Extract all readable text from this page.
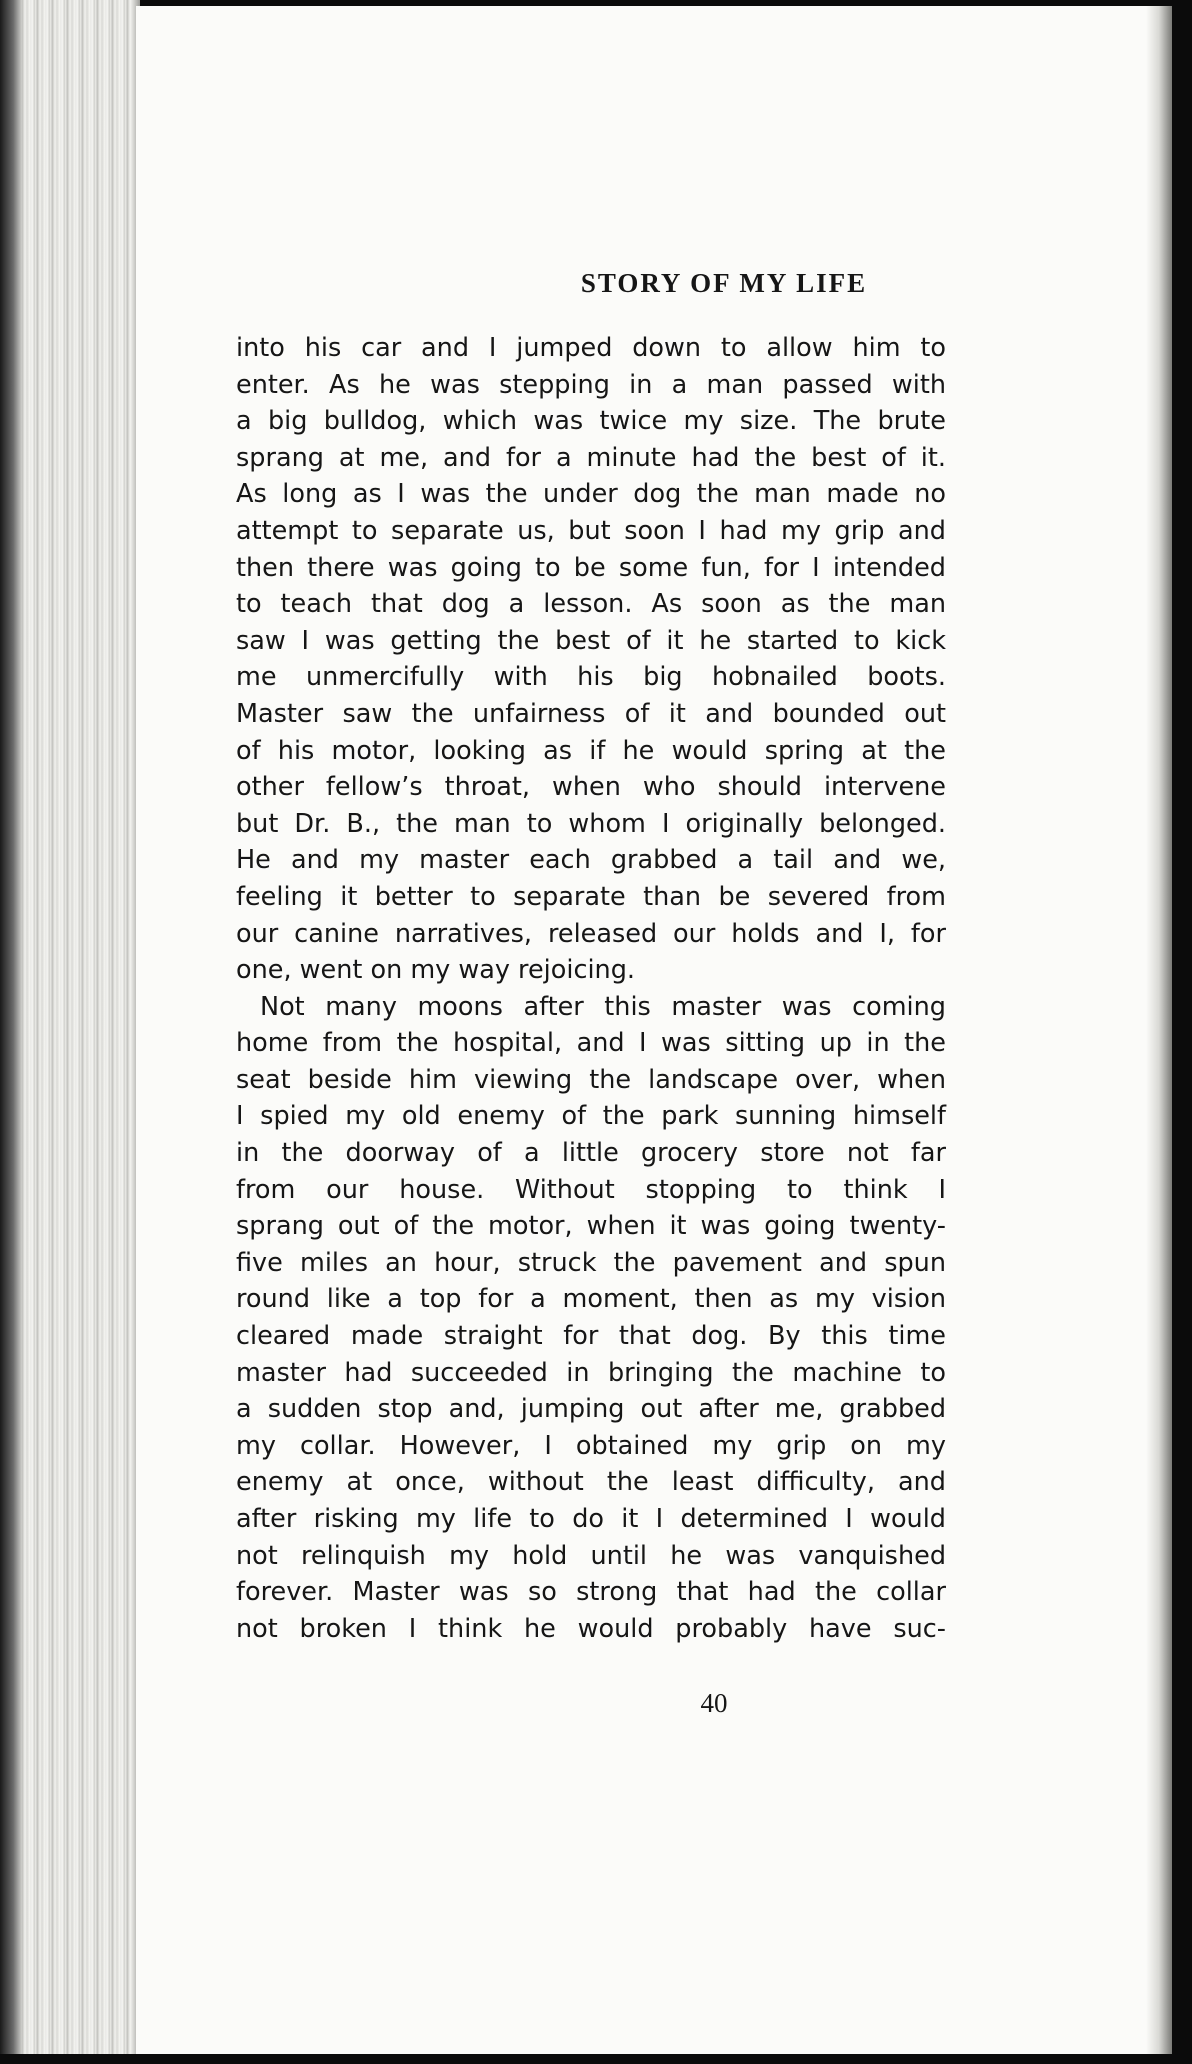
STORY OF MY LIFE
40
into his car and I jumped down to allow him to
enter. As he was stepping in a man passed with
a big bulldog, which was twice my size. The brute
sprang at me, and for a minute had the best of it.
As long as I was the under dog the man made no
attempt to separate us, but soon I had my grip and
then there was going to be some fun, for I intended
to teach that dog a lesson. As soon as the man
saw I was getting the best of it he started to kick
me unmercifully with his big hobnailed boots.
Master saw the unfairness of it and bounded out
of his motor, looking as if he would spring at the
other fellow’s throat, when who should intervene
but Dr. B., the man to whom I originally belonged.
He and my master each grabbed a tail and we,
feeling it better to separate than be severed from
our canine narratives, released our holds and I, for
one, went on my way rejoicing.
Not many moons after this master was coming
home from the hospital, and I was sitting up in the
seat beside him viewing the landscape over, when
I spied my old enemy of the park sunning himself
in the doorway of a little grocery store not far
from our house. Without stopping to think I
sprang out of the motor, when it was going twenty-
five miles an hour, struck the pavement and spun
round like a top for a moment, then as my vision
cleared made straight for that dog. By this time
master had succeeded in bringing the machine to
a sudden stop and, jumping out after me, grabbed
my collar. However, I obtained my grip on my
enemy at once, without the least difficulty, and
after risking my life to do it I determined I would
not relinquish my hold until he was vanquished
forever. Master was so strong that had the collar
not broken I think he would probably have suc-
